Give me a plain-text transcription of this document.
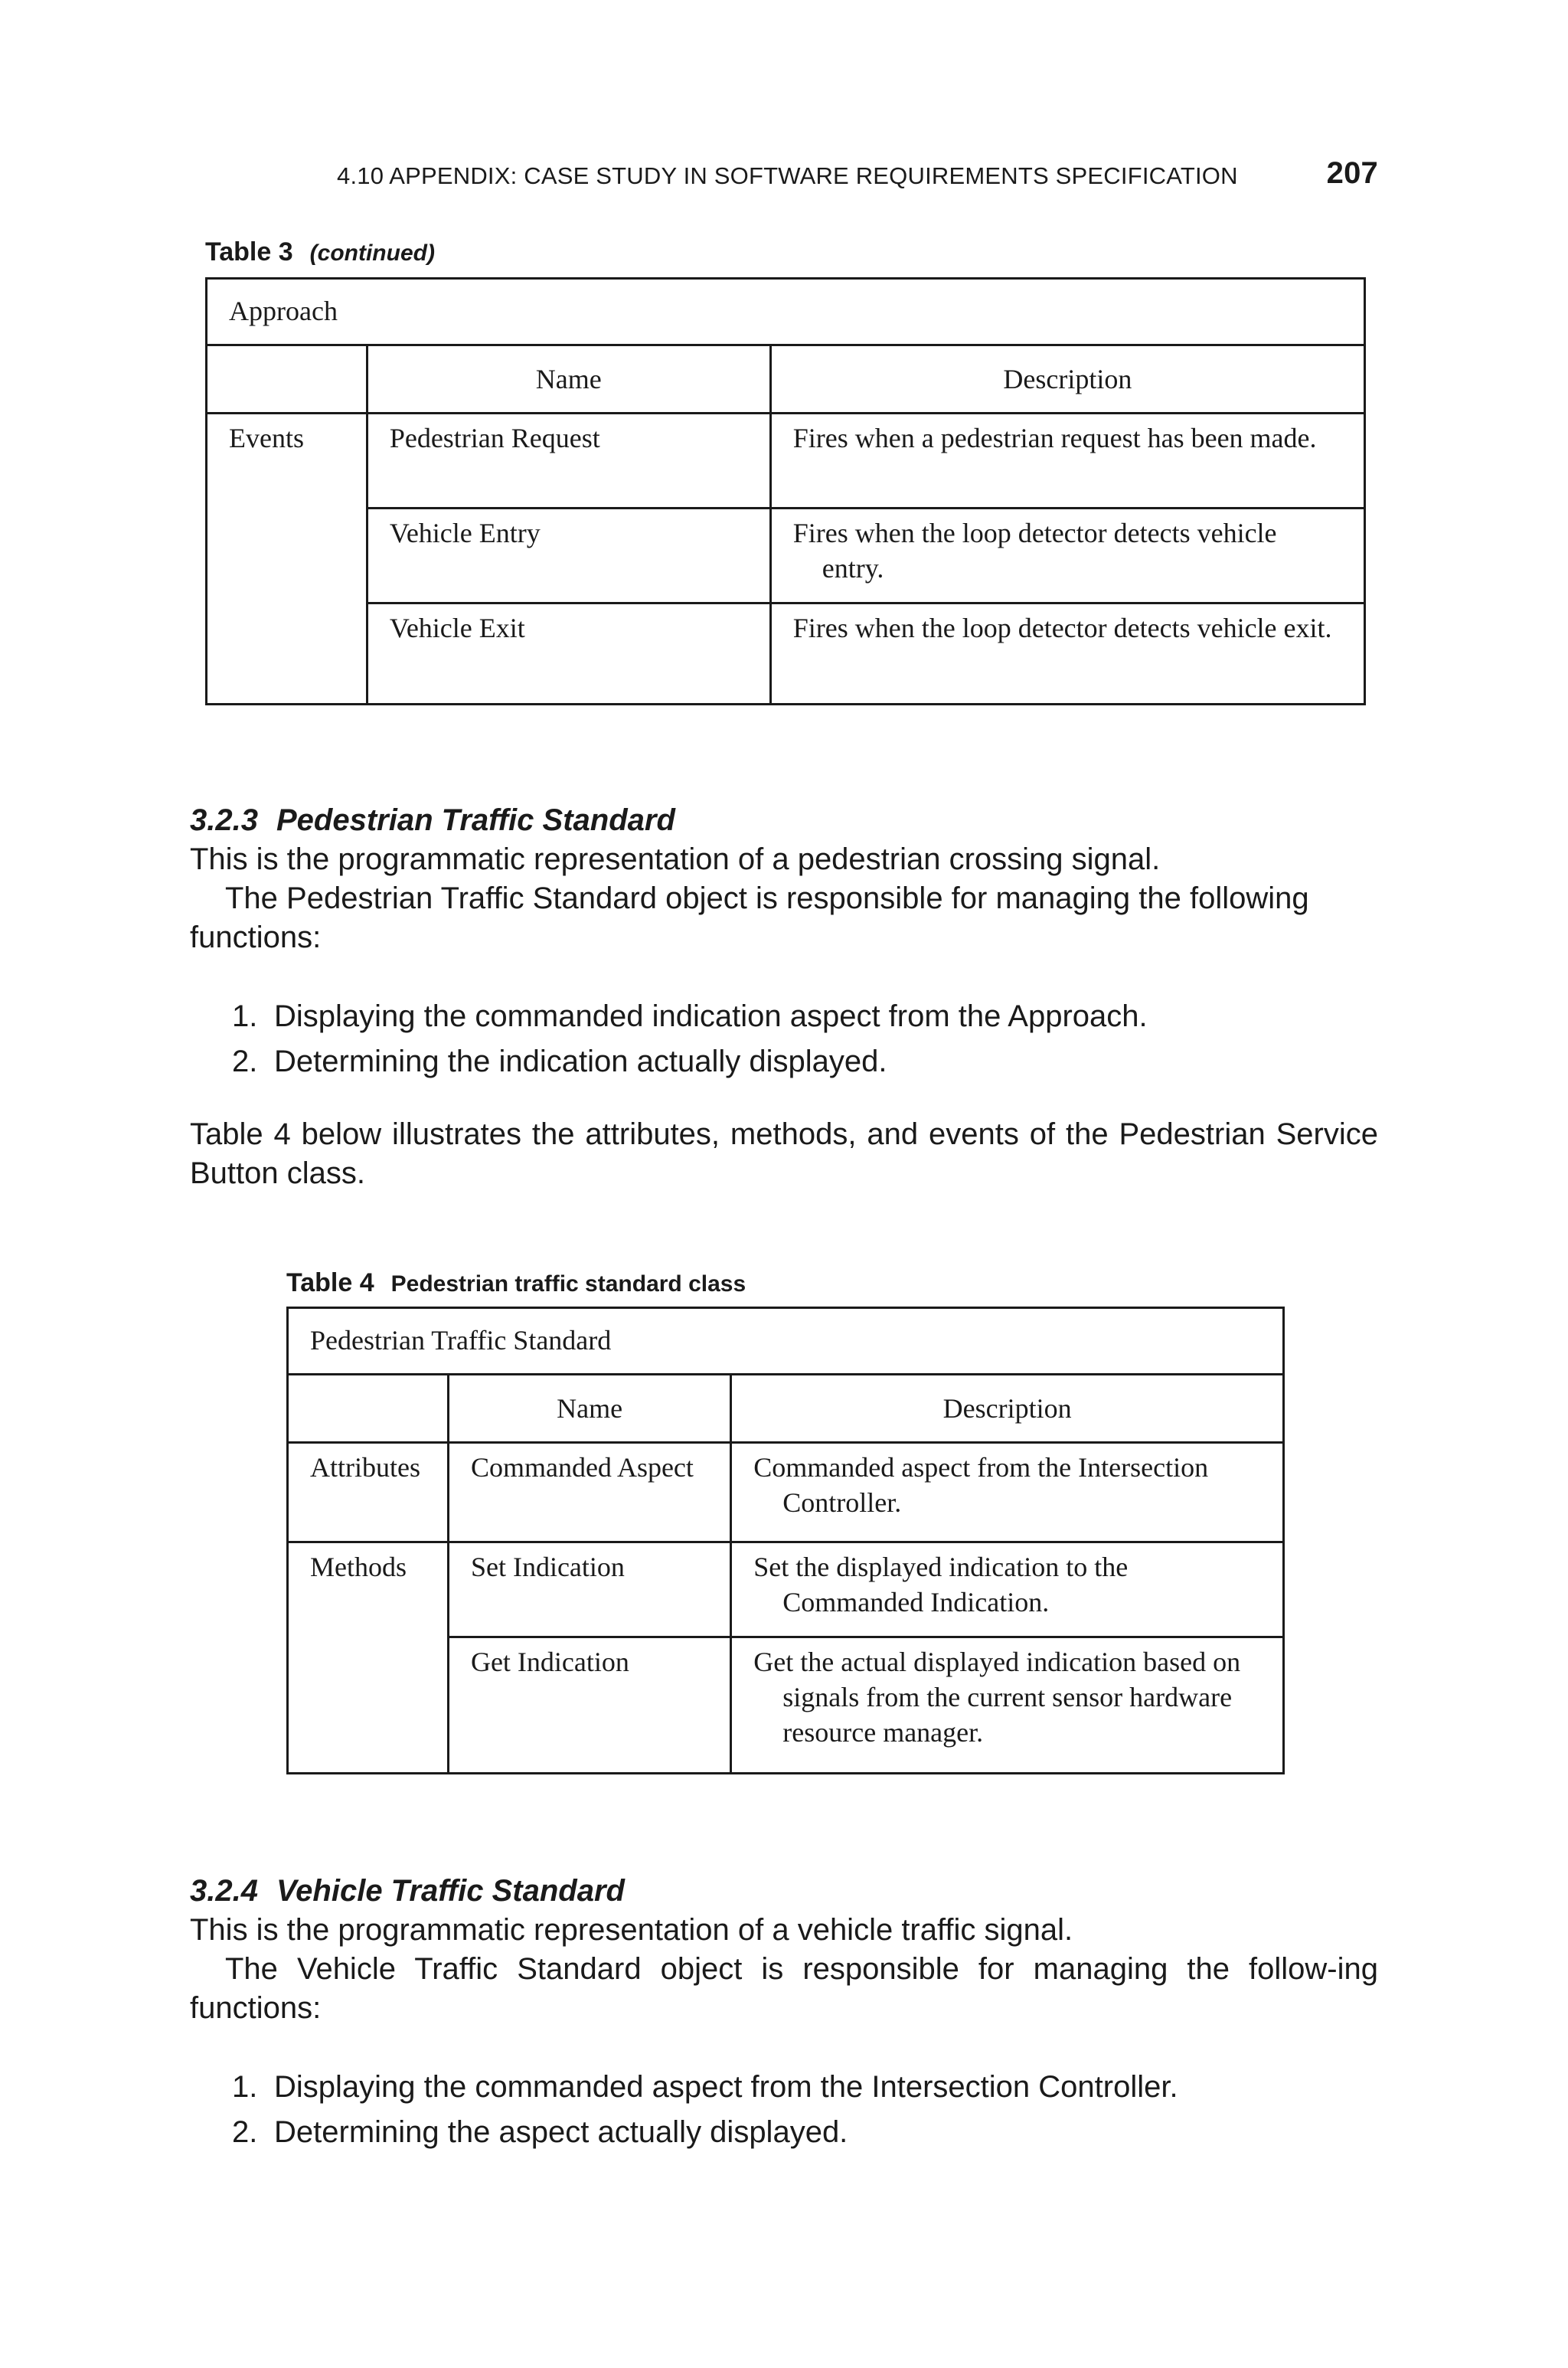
4.10 APPENDIX: CASE STUDY IN SOFTWARE REQUIREMENTS SPECIFICATION	207
Table 3 (continued)
Approach		
	Name	Description
Events	Pedestrian Request	Fires when a pedestrian request has been made.

	Vehicle Entry	Fires when the loop detector detects vehicle entry.

	Vehicle Exit	Fires when the loop detector detects vehicle exit.
3.2.3 Pedestrian Traffic Standard

This is the programmatic representation of a pedestrian crossing signal.

The Pedestrian Traffic Standard object is responsible for managing the following functions:

1. Displaying the commanded indication aspect from the Approach.
2. Determining the indication actually displayed.

Table 4 below illustrates the attributes, methods, and events of the Pedestrian Service Button class.

Table 4 Pedestrian traffic standard class
Pedestrian Traffic Standard		
	Name	Description
Attributes	Commanded Aspect	Commanded aspect from the Intersection Controller.

Methods	Set Indication	Set the displayed indication to the Commanded Indication.

	Get Indication	Get the actual displayed indication based on signals from the current sensor hardware resource manager.
3.2.4 Vehicle Traffic Standard

This is the programmatic representation of a vehicle traffic signal.

The Vehicle Traffic Standard object is responsible for managing the follow-ing functions:

1. Displaying the commanded aspect from the Intersection Controller.
2. Determining the aspect actually displayed.
